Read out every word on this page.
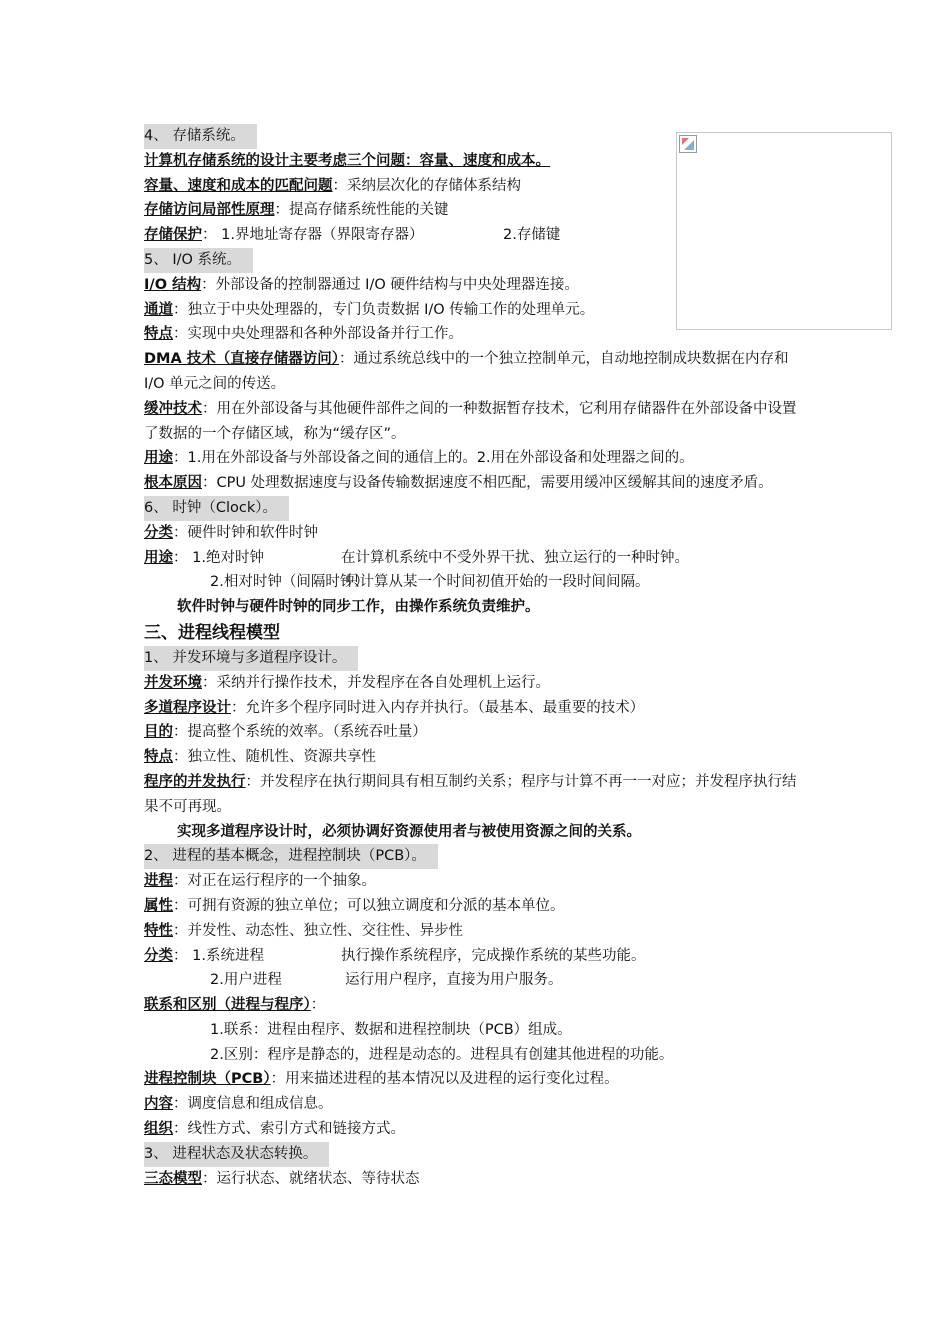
4、 存储系统。
计算机存储系统的设计主要考虑三个问题：容量、速度和成本。
容量、速度和成本的匹配问题：采纳层次化的存储体系结构
存储访问局部性原理：提高存储系统性能的关键
存储保护： 1.界地址寄存器（界限寄存器）	2.存储键
5、 I/O 系统。
I/O 结构：外部设备的控制器通过 I/O 硬件结构与中央处理器连接。
通道：独立于中央处理器的，专门负责数据 I/O 传输工作的处理单元。
特点：实现中央处理器和各种外部设备并行工作。
DMA 技术（直接存储器访问）：通过系统总线中的一个独立控制单元，自动地控制成块数据在内存和 I/O 单元之间的传送。
缓冲技术：用在外部设备与其他硬件部件之间的一种数据暂存技术，它利用存储器件在外部设备中设置了数据的一个存储区域，称为“缓存区”。
用途：1.用在外部设备与外部设备之间的通信上的。2.用在外部设备和处理器之间的。
根本原因：CPU 处理数据速度与设备传输数据速度不相匹配，需要用缓冲区缓解其间的速度矛盾。
6、 时钟（Clock）。
分类：硬件时钟和软件时钟
用途： 1.绝对时钟	在计算机系统中不受外界干扰、独立运行的一种时钟。
2.相对时钟（间隔时钟）只计算从某一个时间初值开始的一段时间间隔。
软件时钟与硬件时钟的同步工作，由操作系统负责维护。
三、进程线程模型
1、 并发环境与多道程序设计。
并发环境：采纳并行操作技术，并发程序在各自处理机上运行。
多道程序设计：允许多个程序同时进入内存并执行。（最基本、最重要的技术）
目的：提高整个系统的效率。（系统吞吐量）
特点：独立性、随机性、资源共享性
程序的并发执行：并发程序在执行期间具有相互制约关系；程序与计算不再一一对应；并发程序执行结果不可再现。
实现多道程序设计时，必须协调好资源使用者与被使用资源之间的关系。
2、 进程的基本概念，进程控制块（PCB）。
进程：对正在运行程序的一个抽象。
属性：可拥有资源的独立单位；可以独立调度和分派的基本单位。
特性：并发性、动态性、独立性、交往性、异步性
分类： 1.系统进程	执行操作系统程序，完成操作系统的某些功能。
2.用户进程	运行用户程序，直接为用户服务。
联系和区别（进程与程序）：
1.联系：进程由程序、数据和进程控制块（PCB）组成。
2.区别：程序是静态的，进程是动态的。进程具有创建其他进程的功能。
进程控制块（PCB）：用来描述进程的基本情况以及进程的运行变化过程。
内容：调度信息和组成信息。
组织：线性方式、索引方式和链接方式。
3、 进程状态及状态转换。
三态模型：运行状态、就绪状态、等待状态
